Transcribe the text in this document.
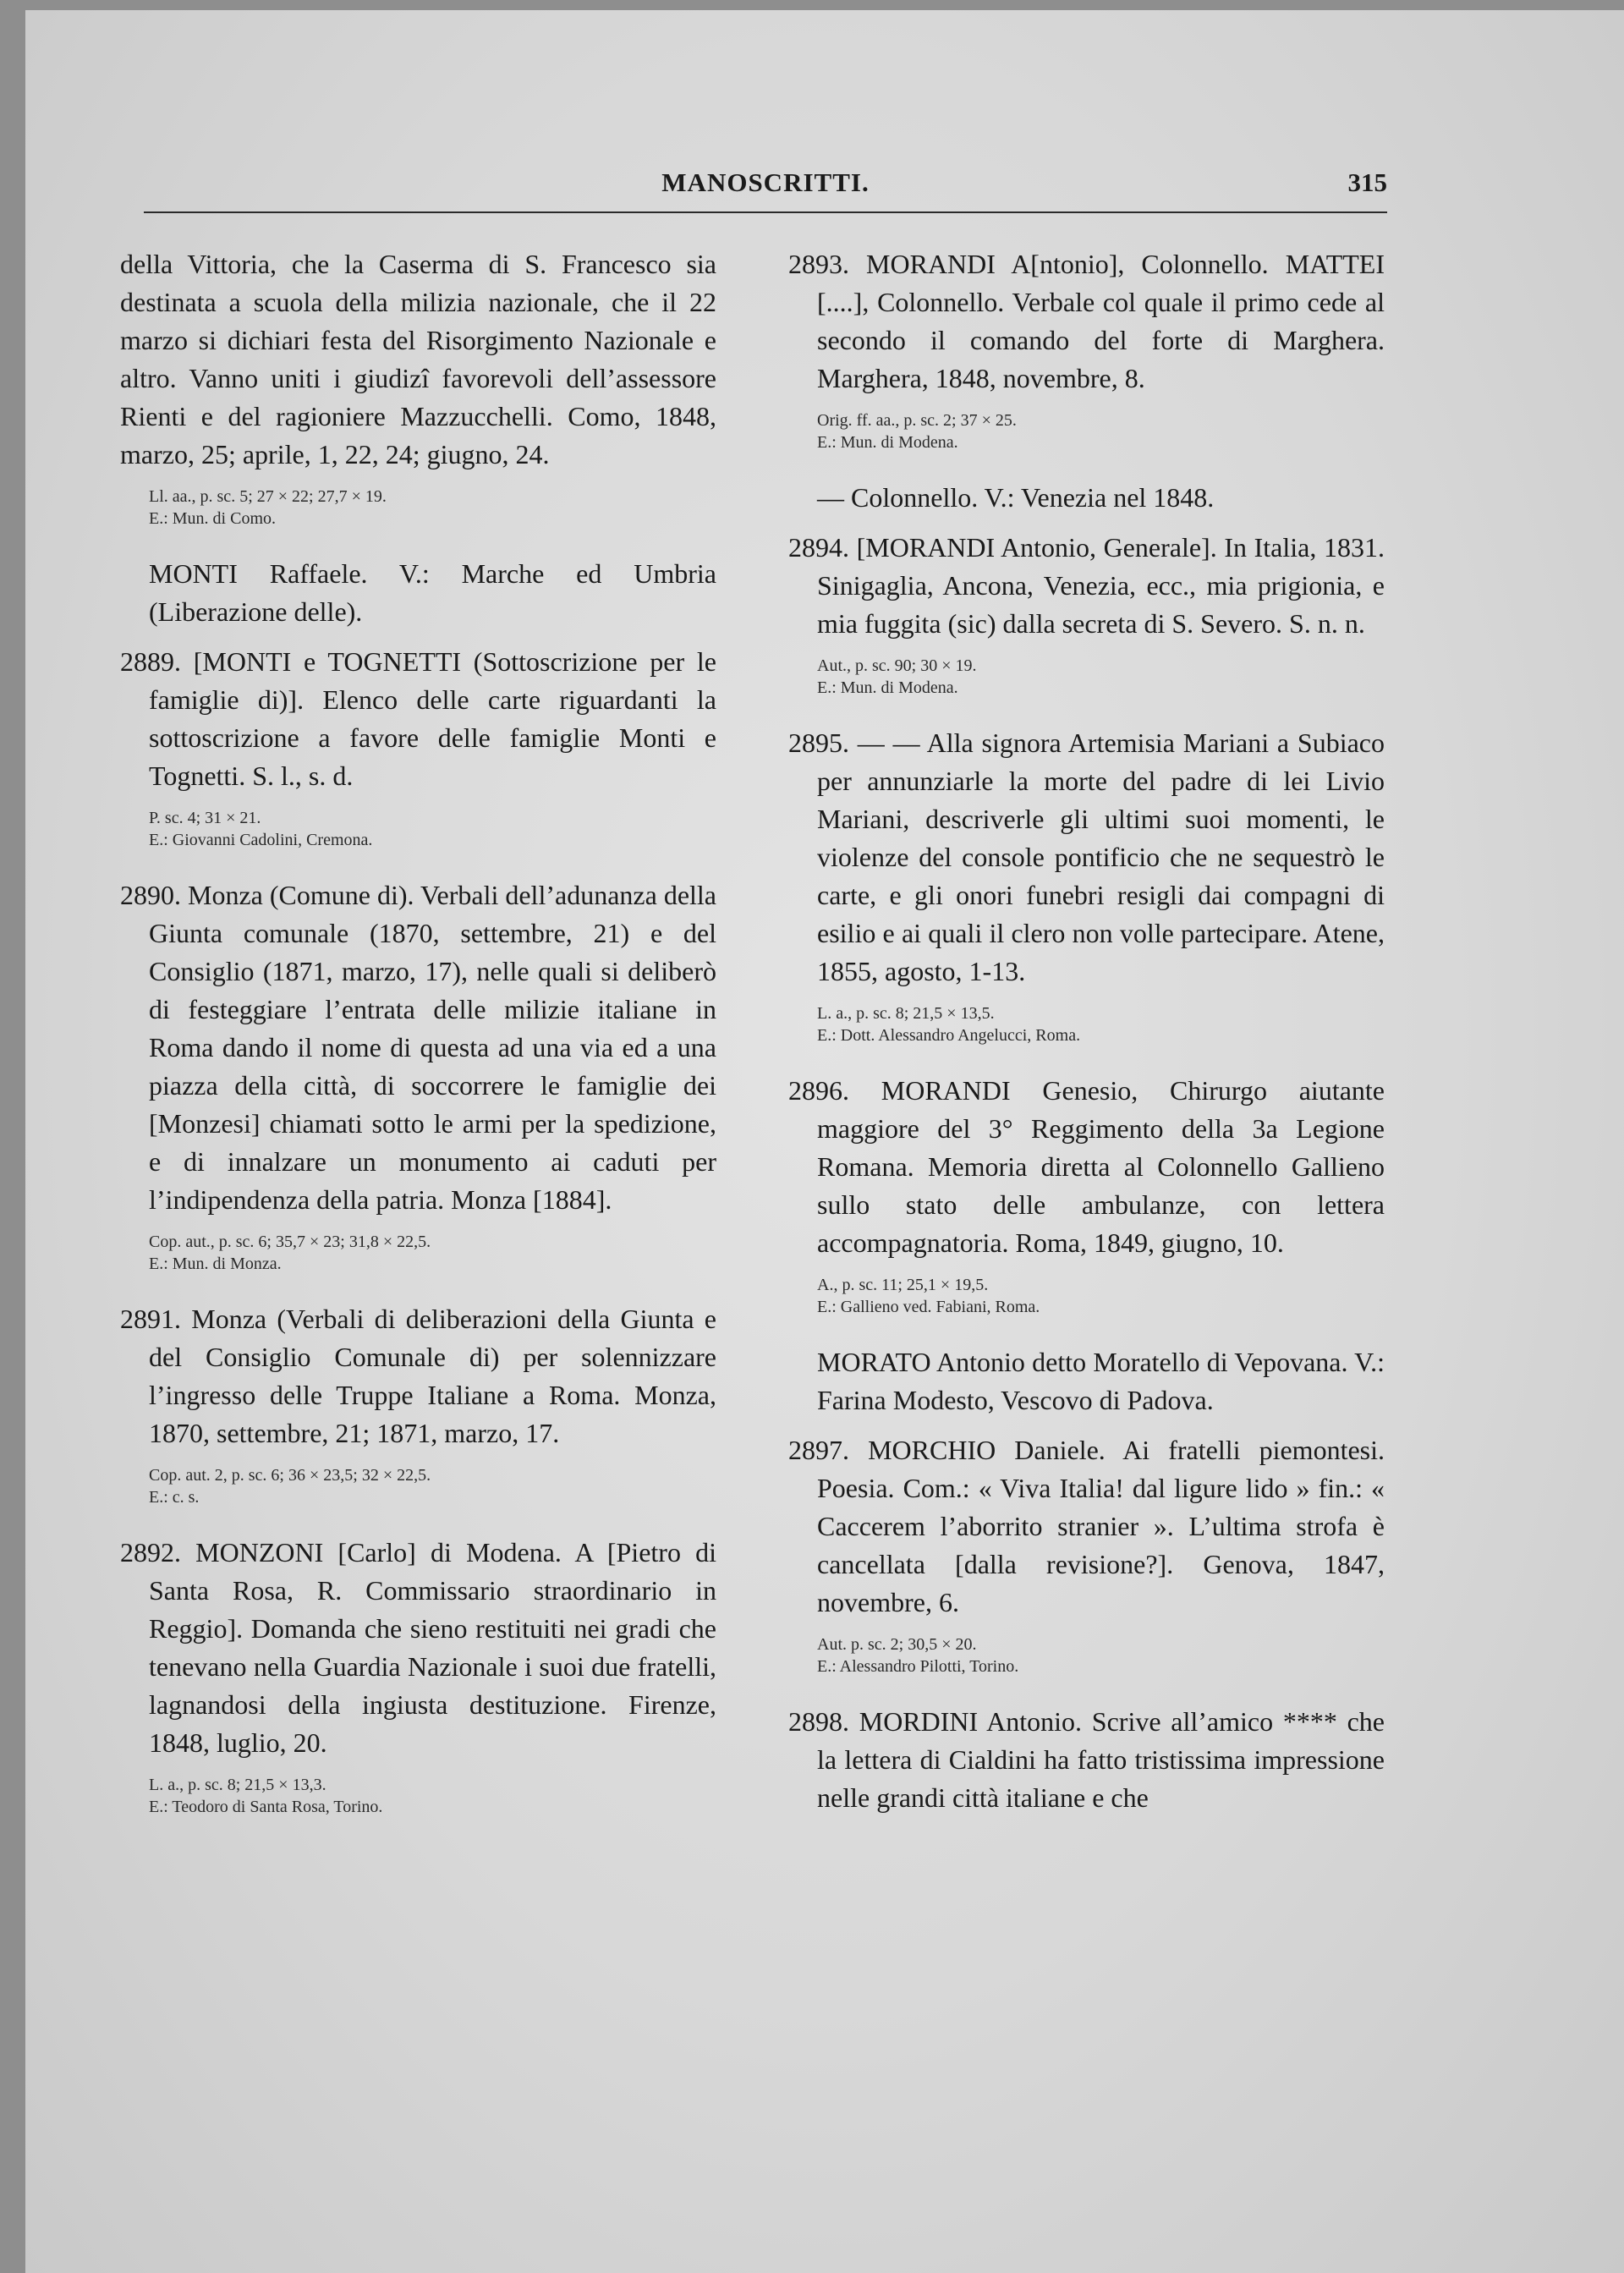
MANOSCRITTI.	315

della Vittoria, che la Caserma di S. Francesco sia destinata a scuola della milizia nazionale, che il 22 marzo si dichiari festa del Risorgimento Nazionale e altro. Vanno uniti i giudizî favorevoli dell’assessore Rienti e del ragioniere Mazzucchelli. Como, 1848, marzo, 25; aprile, 1, 22, 24; giugno, 24.

Ll. aa., p. sc. 5; 27 × 22; 27,7 × 19.
E.: Mun. di Como.

MONTI Raffaele. V.: Marche ed Umbria (Liberazione delle).

2889. [MONTI e TOGNETTI (Sottoscrizione per le famiglie di)]. Elenco delle carte riguardanti la sottoscrizione a favore delle famiglie Monti e Tognetti. S. l., s. d.

P. sc. 4; 31 × 21.
E.: Giovanni Cadolini, Cremona.

2890. Monza (Comune di). Verbali dell’adunanza della Giunta comunale (1870, settembre, 21) e del Consiglio (1871, marzo, 17), nelle quali si deliberò di festeggiare l’entrata delle milizie italiane in Roma dando il nome di questa ad una via ed a una piazza della città, di soccorrere le famiglie dei [Monzesi] chiamati sotto le armi per la spedizione, e di innalzare un monumento ai caduti per l’indipendenza della patria. Monza [1884].

Cop. aut., p. sc. 6; 35,7 × 23; 31,8 × 22,5.
E.: Mun. di Monza.

2891. Monza (Verbali di deliberazioni della Giunta e del Consiglio Comunale di) per solennizzare l’ingresso delle Truppe Italiane a Roma. Monza, 1870, settembre, 21; 1871, marzo, 17.

Cop. aut. 2, p. sc. 6; 36 × 23,5; 32 × 22,5.
E.: c. s.

2892. MONZONI [Carlo] di Modena. A [Pietro di Santa Rosa, R. Commissario straordinario in Reggio]. Domanda che sieno restituiti nei gradi che tenevano nella Guardia Nazionale i suoi due fratelli, lagnandosi della ingiusta destituzione. Firenze, 1848, luglio, 20.

L. a., p. sc. 8; 21,5 × 13,3.
E.: Teodoro di Santa Rosa, Torino.

2893. MORANDI A[ntonio], Colonnello. MATTEI [....], Colonnello. Verbale col quale il primo cede al secondo il comando del forte di Marghera. Marghera, 1848, novembre, 8.

Orig. ff. aa., p. sc. 2; 37 × 25.
E.: Mun. di Modena.

— Colonnello. V.: Venezia nel 1848.

2894. [MORANDI Antonio, Generale]. In Italia, 1831. Sinigaglia, Ancona, Venezia, ecc., mia prigionia, e mia fuggita (sic) dalla secreta di S. Severo. S. n. n.

Aut., p. sc. 90; 30 × 19.
E.: Mun. di Modena.

2895. — — Alla signora Artemisia Mariani a Subiaco per annunziarle la morte del padre di lei Livio Mariani, descriverle gli ultimi suoi momenti, le violenze del console pontificio che ne sequestrò le carte, e gli onori funebri resigli dai compagni di esilio e ai quali il clero non volle partecipare. Atene, 1855, agosto, 1-13.

L. a., p. sc. 8; 21,5 × 13,5.
E.: Dott. Alessandro Angelucci, Roma.

2896. MORANDI Genesio, Chirurgo aiutante maggiore del 3° Reggimento della 3a Legione Romana. Memoria diretta al Colonnello Gallieno sullo stato delle ambulanze, con lettera accompagnatoria. Roma, 1849, giugno, 10.

A., p. sc. 11; 25,1 × 19,5.
E.: Gallieno ved. Fabiani, Roma.

MORATO Antonio detto Moratello di Vepovana. V.: Farina Modesto, Vescovo di Padova.

2897. MORCHIO Daniele. Ai fratelli piemontesi. Poesia. Com.: « Viva Italia! dal ligure lido » fin.: « Caccerem l’aborrito stranier ». L’ultima strofa è cancellata [dalla revisione?]. Genova, 1847, novembre, 6.

Aut. p. sc. 2; 30,5 × 20.
E.: Alessandro Pilotti, Torino.

2898. MORDINI Antonio. Scrive all’amico **** che la lettera di Cialdini ha fatto tristissima impressione nelle grandi città italiane e che
